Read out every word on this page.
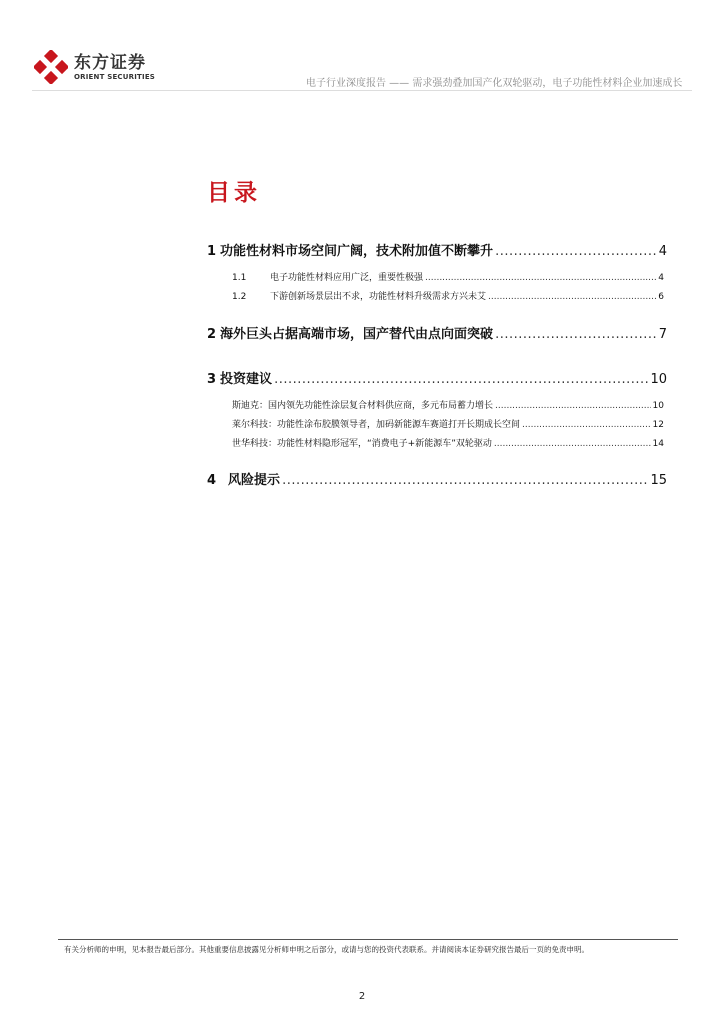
东方证券
ORIENT SECURITIES
电子行业深度报告 —— 需求强劲叠加国产化双轮驱动，电子功能性材料企业加速成长
目录
1 功能性材料市场空间广阔，技术附加值不断攀升 .....	4
1.1	电子功能性材料应用广泛，重要性极强 .....	4
1.2	下游创新场景层出不求，功能性材料升级需求方兴未艾 .....	6
2 海外巨头占据高端市场，国产替代由点向面突破 .....	7
3 投资建议 .....	10
斯迪克：国内领先功能性涂层复合材料供应商，多元布局蓄力增长 .....	10
莱尔科技：功能性涂布胶膜领导者，加码新能源车赛道打开长期成长空间 .....	12
世华科技：功能性材料隐形冠军，“消费电子+新能源车”双轮驱动 .....	14
4 风险提示 .....	15
有关分析师的申明，见本报告最后部分。其他重要信息披露见分析师申明之后部分，或请与您的投资代表联系。并请阅读本证券研究报告最后一页的免责申明。
2
